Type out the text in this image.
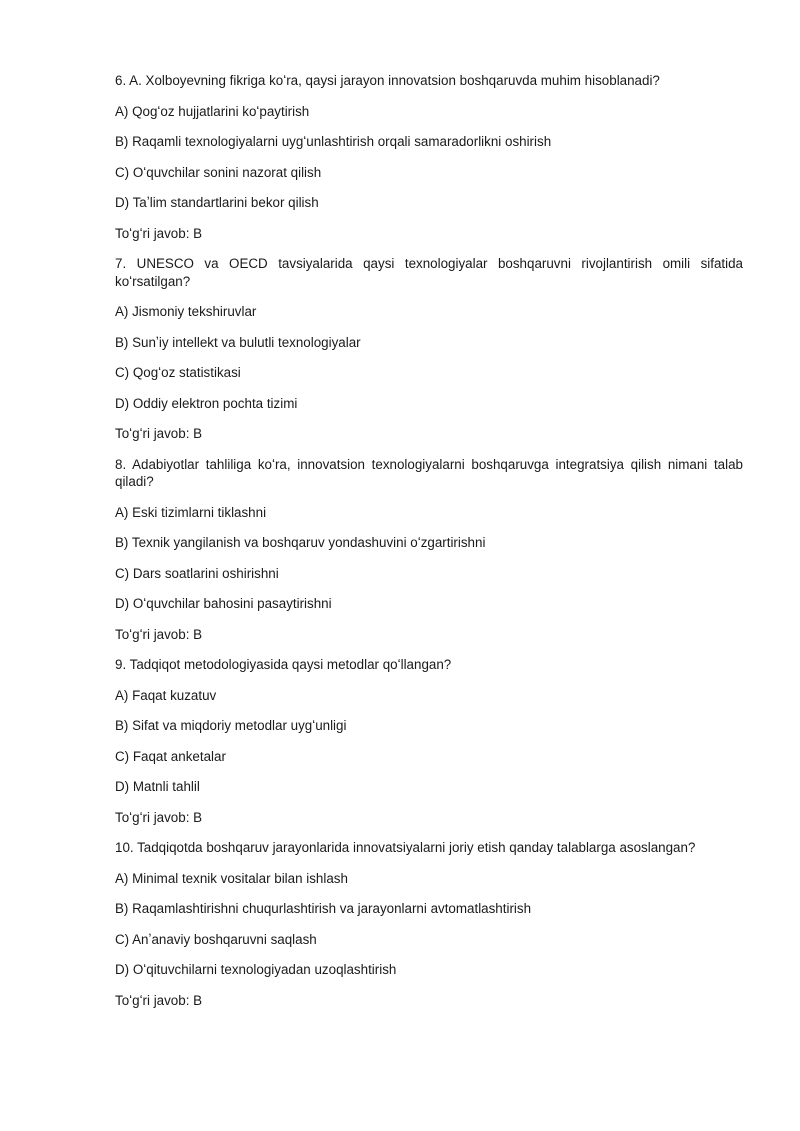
6. A. Xolboyevning fikriga koʻra, qaysi jarayon innovatsion boshqaruvda muhim hisoblanadi?
A) Qogʻoz hujjatlarini koʻpaytirish
B) Raqamli texnologiyalarni uygʻunlashtirish orqali samaradorlikni oshirish
C) Oʻquvchilar sonini nazorat qilish
D) Taʼlim standartlarini bekor qilish
Toʻgʻri javob: B
7. UNESCO va OECD tavsiyalarida qaysi texnologiyalar boshqaruvni rivojlantirish omili sifatida koʻrsatilgan?
A) Jismoniy tekshiruvlar
B) Sunʼiy intellekt va bulutli texnologiyalar
C) Qogʻoz statistikasi
D) Oddiy elektron pochta tizimi
Toʻgʻri javob: B
8. Adabiyotlar tahliliga koʻra, innovatsion texnologiyalarni boshqaruvga integratsiya qilish nimani talab qiladi?
A) Eski tizimlarni tiklashni
B) Texnik yangilanish va boshqaruv yondashuvini oʻzgartirishni
C) Dars soatlarini oshirishni
D) Oʻquvchilar bahosini pasaytirishni
Toʻgʻri javob: B
9. Tadqiqot metodologiyasida qaysi metodlar qoʻllangan?
A) Faqat kuzatuv
B) Sifat va miqdoriy metodlar uygʻunligi
C) Faqat anketalar
D) Matnli tahlil
Toʻgʻri javob: B
10. Tadqiqotda boshqaruv jarayonlarida innovatsiyalarni joriy etish qanday talablarga asoslangan?
A) Minimal texnik vositalar bilan ishlash
B) Raqamlashtirishni chuqurlashtirish va jarayonlarni avtomatlashtirish
C) Anʼanaviy boshqaruvni saqlash
D) Oʻqituvchilarni texnologiyadan uzoqlashtirish
Toʻgʻri javob: B
